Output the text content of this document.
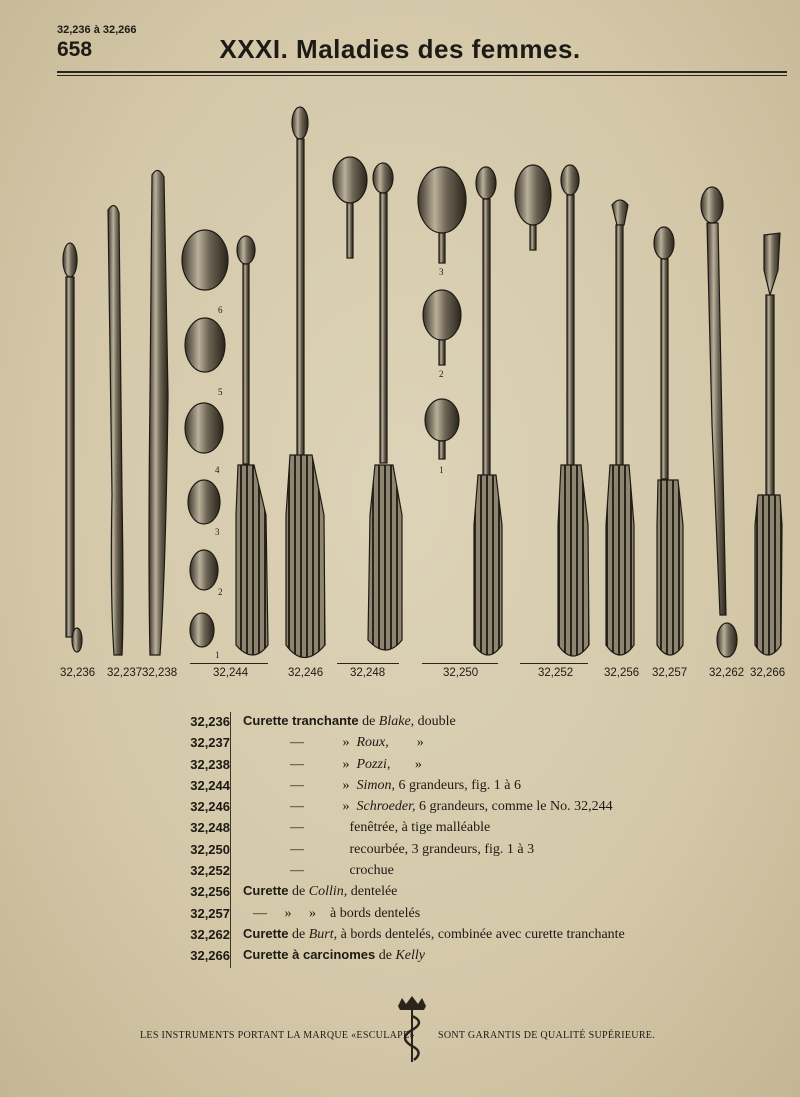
32,236 à 32,266
658	XXXI. Maladies des femmes.
6
5
4
3
2
1
3
2
1
32,236 32,237 32,238	32,244	32,246 32,248	32,250	32,252	32,256 32,257 32,262 32,266
32,236 Curette tranchante de Blake, double
32,237	—           »  Roux,        »
32,238	—           »  Pozzi,       »
32,244	—           »  Simon, 6 grandeurs, fig. 1 à 6
32,246	—           »  Schroeder, 6 grandeurs, comme le No. 32,244
32,248	—             fenêtrée, à tige malléable
32,250	—             recourbée, 3 grandeurs, fig. 1 à 3
32,252	—             crochue
32,256 Curette de Collin, dentelée
32,257 —     »     »    à bords dentelés
32,262 Curette de Burt, à bords dentelés, combinée avec curette tranchante
32,266 Curette à carcinomes de Kelly
LES INSTRUMENTS PORTANT LA MARQUE «ESCULAPE» SONT GARANTIS DE QUALITÉ SUPÉRIEURE.
